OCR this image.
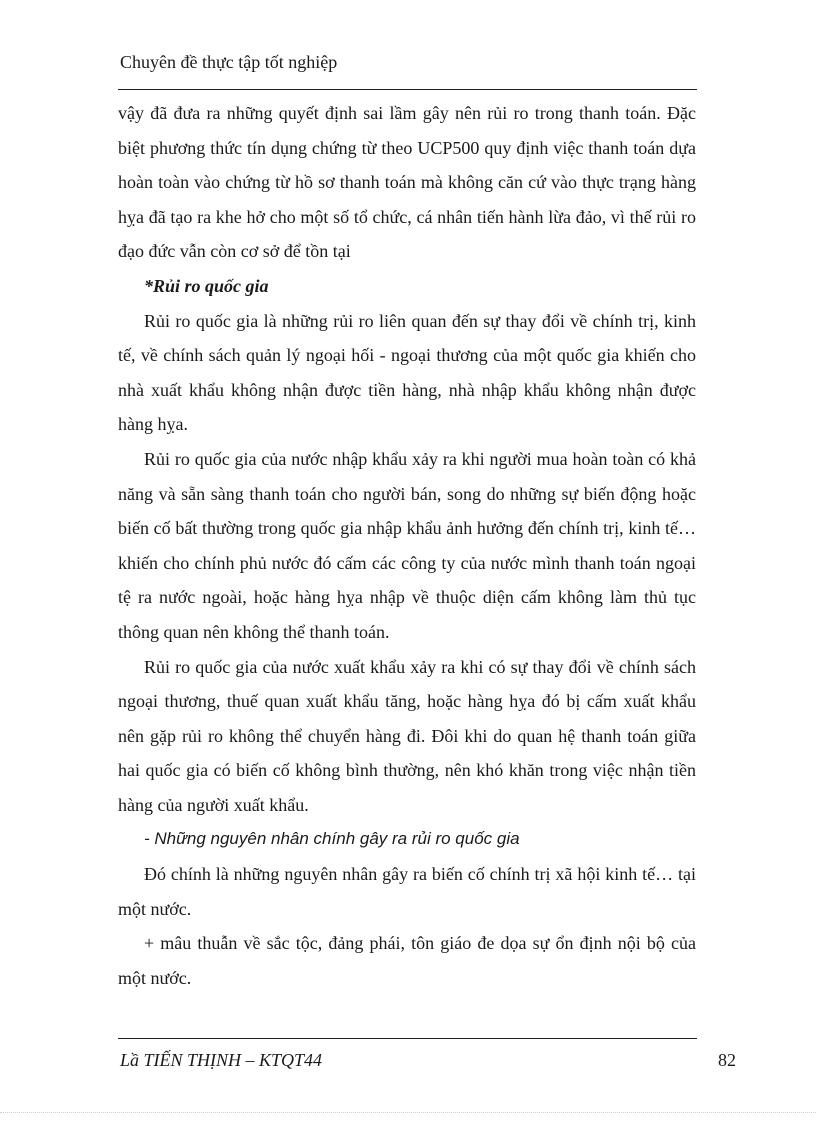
Chuyên đề thực tập tốt nghiệp

vậy đã đưa ra những quyết định sai lầm gây nên rủi ro trong thanh toán. Đặc biệt phương thức tín dụng chứng từ theo UCP500 quy định việc thanh toán dựa hoàn toàn vào chứng từ hồ sơ thanh toán mà không căn cứ vào thực trạng hàng hỵa đã tạo ra khe hở cho một số tổ chức, cá nhân tiến hành lừa đảo, vì thế rủi ro đạo đức vẫn còn cơ sở để tồn tại

*Rủi ro quốc gia

Rủi ro quốc gia là những rủi ro liên quan đến sự thay đổi về chính trị, kinh tế, về chính sách quản lý ngoại hối - ngoại thương của một quốc gia khiến cho nhà xuất khẩu không nhận được tiền hàng, nhà nhập khẩu không nhận được hàng hỵa.

Rủi ro quốc gia của nước nhập khẩu xảy ra khi người mua hoàn toàn có khả năng và sẵn sàng thanh toán cho người bán, song do những sự biến động hoặc biến cố bất thường trong quốc gia nhập khẩu ảnh hưởng đến chính trị, kinh tế… khiến cho chính phủ nước đó cấm các công ty của nước mình thanh toán ngoại tệ ra nước ngoài, hoặc hàng hỵa nhập về thuộc diện cấm không làm thủ tục thông quan nên không thể thanh toán.

Rủi ro quốc gia của nước xuất khẩu xảy ra khi có sự thay đổi về chính sách ngoại thương, thuế quan xuất khẩu tăng, hoặc hàng hỵa đó bị cấm xuất khẩu nên gặp rủi ro không thể chuyển hàng đi. Đôi khi do quan hệ thanh toán giữa hai quốc gia có biến cố không bình thường, nên khó khăn trong việc nhận tiền hàng của người xuất khẩu.

- Những nguyên nhân chính gây ra rủi ro quốc gia

Đó chính là những nguyên nhân gây ra biến cố chính trị xã hội kinh tế… tại một nước.

+ mâu thuẫn về sắc tộc, đảng phái, tôn giáo đe dọa sự ổn định nội bộ của một nước.

Lầ TIẾN THỊNH – KTQT44	82
